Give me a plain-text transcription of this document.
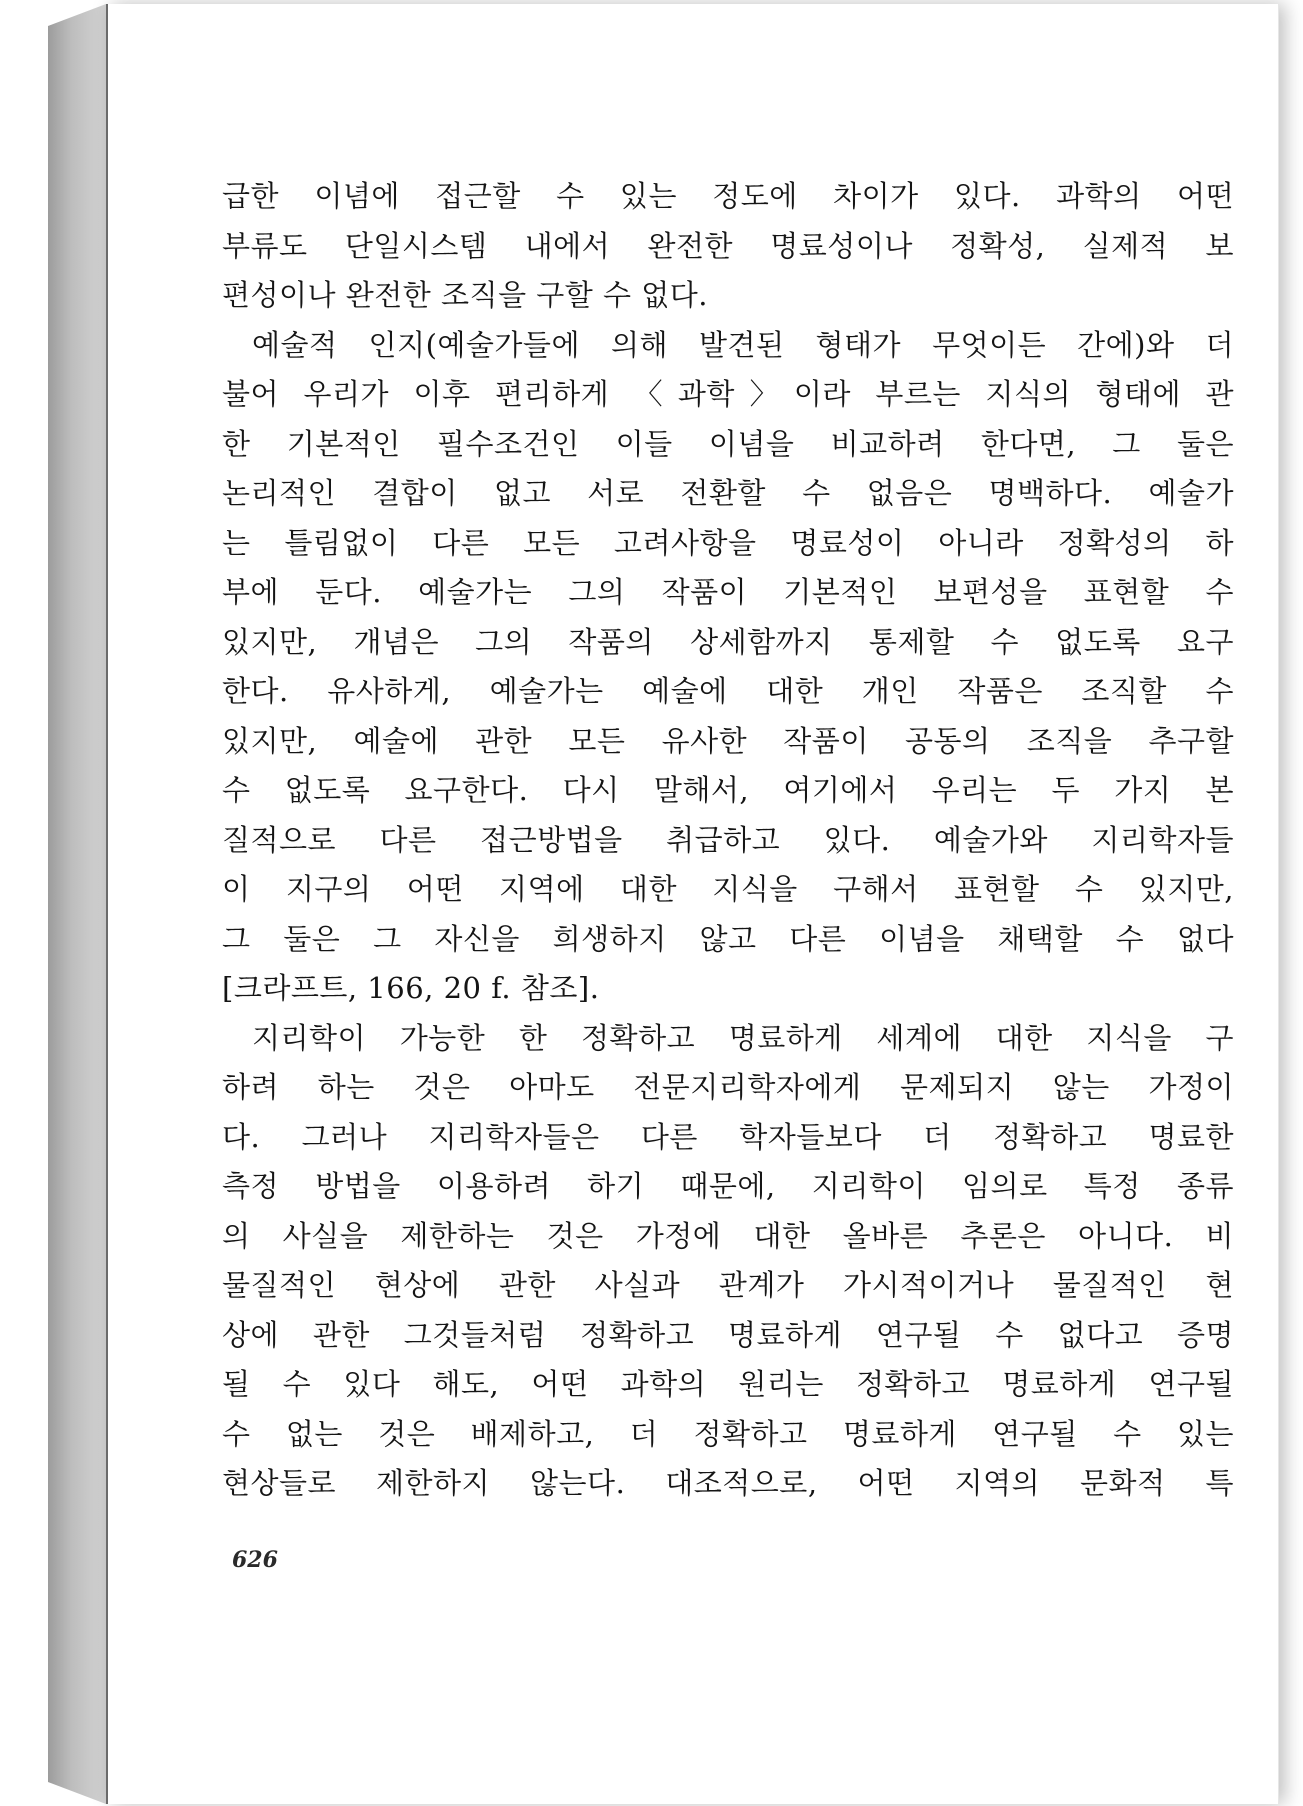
급한 이념에 접근할 수 있는 정도에 차이가 있다. 과학의 어떤
부류도 단일시스템 내에서 완전한 명료성이나 정확성, 실제적 보
편성이나 완전한 조직을 구할 수 없다.
예술적 인지(예술가들에 의해 발견된 형태가 무엇이든 간에)와 더
불어 우리가 이후 편리하게 〈과학〉이라 부르는 지식의 형태에 관
한 기본적인 필수조건인 이들 이념을 비교하려 한다면, 그 둘은
논리적인 결합이 없고 서로 전환할 수 없음은 명백하다. 예술가
는 틀림없이 다른 모든 고려사항을 명료성이 아니라 정확성의 하
부에 둔다. 예술가는 그의 작품이 기본적인 보편성을 표현할 수
있지만, 개념은 그의 작품의 상세함까지 통제할 수 없도록 요구
한다. 유사하게, 예술가는 예술에 대한 개인 작품은 조직할 수
있지만, 예술에 관한 모든 유사한 작품이 공동의 조직을 추구할
수 없도록 요구한다. 다시 말해서, 여기에서 우리는 두 가지 본
질적으로 다른 접근방법을 취급하고 있다. 예술가와 지리학자들
이 지구의 어떤 지역에 대한 지식을 구해서 표현할 수 있지만,
그 둘은 그 자신을 희생하지 않고 다른 이념을 채택할 수 없다
[크라프트, 166, 20 f. 참조].
지리학이 가능한 한 정확하고 명료하게 세계에 대한 지식을 구
하려 하는 것은 아마도 전문지리학자에게 문제되지 않는 가정이
다. 그러나 지리학자들은 다른 학자들보다 더 정확하고 명료한
측정 방법을 이용하려 하기 때문에, 지리학이 임의로 특정 종류
의 사실을 제한하는 것은 가정에 대한 올바른 추론은 아니다. 비
물질적인 현상에 관한 사실과 관계가 가시적이거나 물질적인 현
상에 관한 그것들처럼 정확하고 명료하게 연구될 수 없다고 증명
될 수 있다 해도, 어떤 과학의 원리는 정확하고 명료하게 연구될
수 없는 것은 배제하고, 더 정확하고 명료하게 연구될 수 있는
현상들로 제한하지 않는다. 대조적으로, 어떤 지역의 문화적 특
626
